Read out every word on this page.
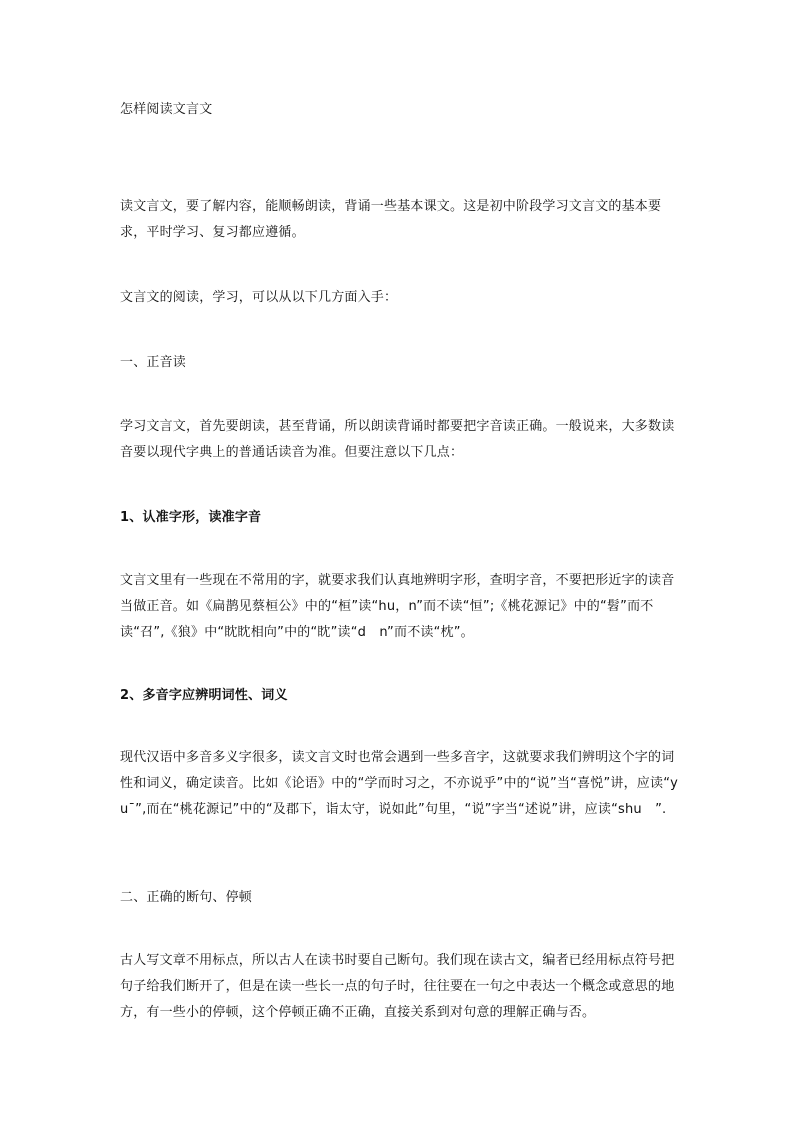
怎样阅读文言文
读文言文，要了解内容，能顺畅朗读，背诵一些基本课文。这是初中阶段学习文言文的基本要求，平时学习、复习都应遵循。
文言文的阅读，学习，可以从以下几方面入手：
一、正音读
学习文言文，首先要朗读，甚至背诵，所以朗读背诵时都要把字音读正确。一般说来，大多数读音要以现代字典上的普通话读音为准。但要注意以下几点：
1、认准字形，读准字音
文言文里有一些现在不常用的字，就要求我们认真地辨明字形，查明字音，不要把形近字的读音当做正音。如《扁鹊见蔡桓公》中的“桓”读“hu，n”而不读“恒”;《桃花源记》中的“髫”而不读“召”,《狼》中“眈眈相向”中的“眈”读“d　n”而不读“枕”。
2、多音字应辨明词性、词义
现代汉语中多音多义字很多，读文言文时也常会遇到一些多音字，这就要求我们辨明这个字的词性和词义，确定读音。比如《论语》中的“学而时习之，不亦说乎”中的“说”当“喜悦”讲，应读“yuˉ”,而在“桃花源记”中的“及郡下，诣太守，说如此”句里，“说”字当“述说”讲，应读“shu　”.
二、正确的断句、停顿
古人写文章不用标点，所以古人在读书时要自己断句。我们现在读古文，编者已经用标点符号把句子给我们断开了，但是在读一些长一点的句子时，往往要在一句之中表达一个概念或意思的地方，有一些小的停顿，这个停顿正确不正确，直接关系到对句意的理解正确与否。
